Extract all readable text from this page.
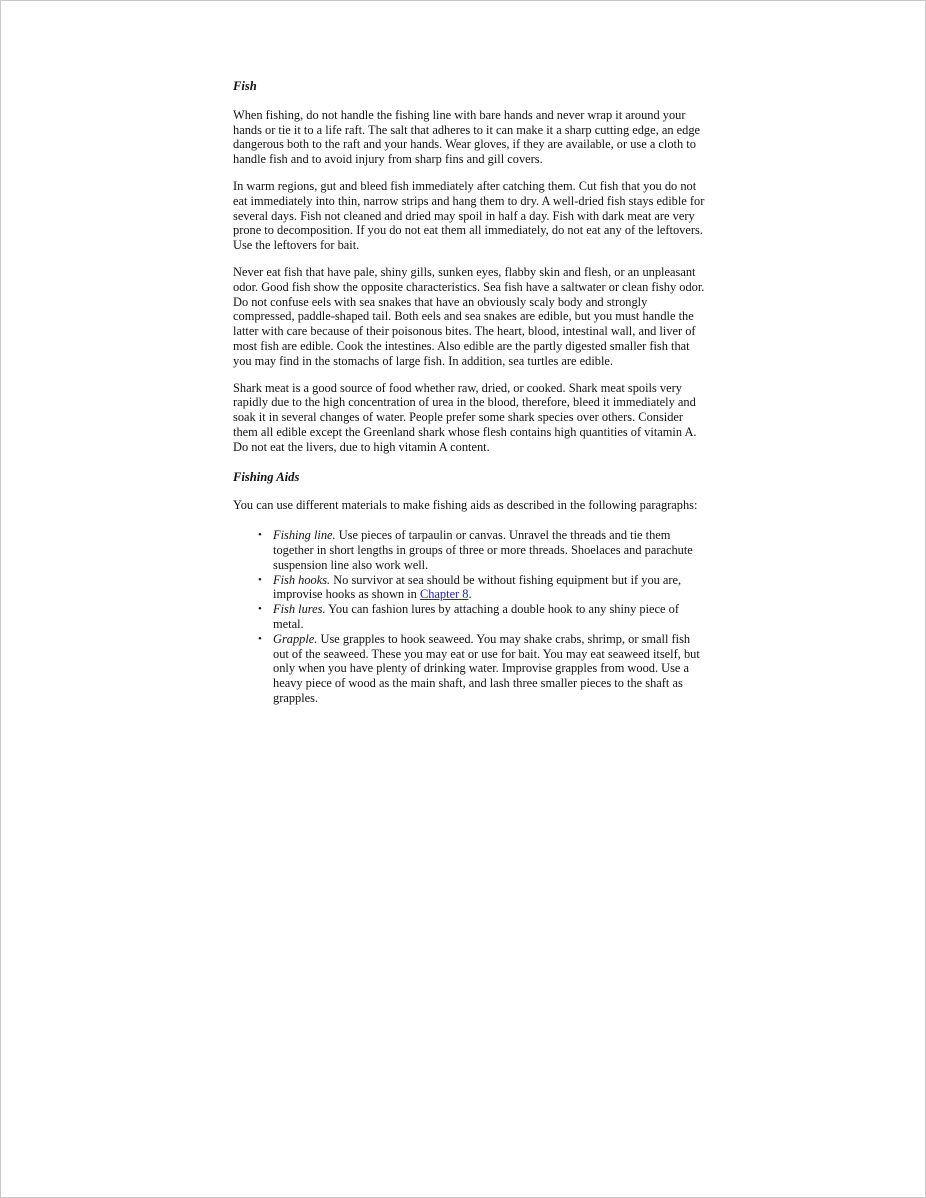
Fish

When fishing, do not handle the fishing line with bare hands and never wrap it around your hands or tie it to a life raft. The salt that adheres to it can make it a sharp cutting edge, an edge dangerous both to the raft and your hands. Wear gloves, if they are available, or use a cloth to handle fish and to avoid injury from sharp fins and gill covers.

In warm regions, gut and bleed fish immediately after catching them. Cut fish that you do not eat immediately into thin, narrow strips and hang them to dry. A well-dried fish stays edible for several days. Fish not cleaned and dried may spoil in half a day. Fish with dark meat are very prone to decomposition. If you do not eat them all immediately, do not eat any of the leftovers. Use the leftovers for bait.

Never eat fish that have pale, shiny gills, sunken eyes, flabby skin and flesh, or an unpleasant odor. Good fish show the opposite characteristics. Sea fish have a saltwater or clean fishy odor. Do not confuse eels with sea snakes that have an obviously scaly body and strongly compressed, paddle-shaped tail. Both eels and sea snakes are edible, but you must handle the latter with care because of their poisonous bites. The heart, blood, intestinal wall, and liver of most fish are edible. Cook the intestines. Also edible are the partly digested smaller fish that you may find in the stomachs of large fish. In addition, sea turtles are edible.

Shark meat is a good source of food whether raw, dried, or cooked. Shark meat spoils very rapidly due to the high concentration of urea in the blood, therefore, bleed it immediately and soak it in several changes of water. People prefer some shark species over others. Consider them all edible except the Greenland shark whose flesh contains high quantities of vitamin A. Do not eat the livers, due to high vitamin A content.

Fishing Aids

You can use different materials to make fishing aids as described in the following paragraphs:

• Fishing line. Use pieces of tarpaulin or canvas. Unravel the threads and tie them together in short lengths in groups of three or more threads. Shoelaces and parachute suspension line also work well.
• Fish hooks. No survivor at sea should be without fishing equipment but if you are, improvise hooks as shown in Chapter 8.
• Fish lures. You can fashion lures by attaching a double hook to any shiny piece of metal.
• Grapple. Use grapples to hook seaweed. You may shake crabs, shrimp, or small fish out of the seaweed. These you may eat or use for bait. You may eat seaweed itself, but only when you have plenty of drinking water. Improvise grapples from wood. Use a heavy piece of wood as the main shaft, and lash three smaller pieces to the shaft as grapples.
